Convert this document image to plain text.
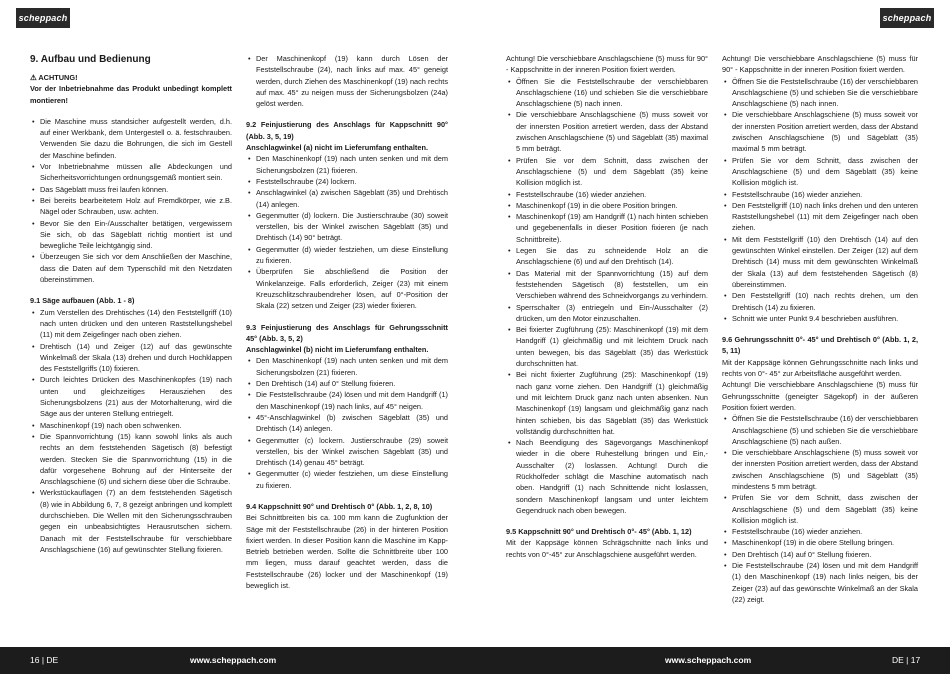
scheppach	scheppach
9. Aufbau und Bedienung

⚠ ACHTUNG!

Vor der Inbetriebnahme das Produkt unbedingt komplett montieren!

• Die Maschine muss standsicher aufgestellt werden, d.h. auf einer Werkbank, dem Untergestell o. ä. festschrauben. Verwenden Sie dazu die Bohrungen, die sich im Gestell der Maschine befinden.
• Vor Inbetriebnahme müssen alle Abdeckungen und Sicherheitsvorrichtungen ordnungsgemäß montiert sein.
• Das Sägeblatt muss frei laufen können.
• Bei bereits bearbeitetem Holz auf Fremdkörper, wie z.B. Nägel oder Schrauben, usw. achten.
• Bevor Sie den Ein-/Ausschalter betätigen, vergewissern Sie sich, ob das Sägeblatt richtig montiert ist und bewegliche Teile leichtgängig sind.
• Überzeugen Sie sich vor dem Anschließen der Maschine, dass die Daten auf dem Typenschild mit den Netzdaten übereinstimmen.

9.1 Säge aufbauen (Abb. 1 - 8)

• Zum Verstellen des Drehtisches (14) den Feststellgriff (10) nach unten drücken und den unteren Raststellungshebel (11) mit dem Zeigefinger nach oben ziehen.
• Drehtisch (14) und Zeiger (12) auf das gewünschte Winkelmaß der Skala (13) drehen und durch Hochklappen des Feststellgriffs (10) fixieren.
• Durch leichtes Drücken des Maschinenkopfes (19) nach unten und gleichzeitiges Herausziehen des Sicherungsbolzens (21) aus der Motorhalterung, wird die Säge aus der unteren Stellung entriegelt.
• Maschinenkopf (19) nach oben schwenken.
• Die Spannvorrichtung (15) kann sowohl links als auch rechts an dem feststehenden Sägetisch (8) befestigt werden. Stecken Sie die Spannvorrichtung (15) in die dafür vorgesehene Bohrung auf der Hinterseite der Anschlagschiene (6) und sichern diese über die Schraube.
• Werkstückauflagen (7) an dem feststehenden Sägetisch (8) wie in Abbildung 6, 7, 8 gezeigt anbringen und komplett durchschieben. Die Wellen mit den Sicherungsschrauben gegen ein unbeabsichtigtes Herausrutschen sichern. Danach mit der Feststellschraube für verschiebbare Anschlagschiene (16) auf gewünschter Stellung fixieren.
• Der Maschinenkopf (19) kann durch Lösen der Feststellschraube (24), nach links auf max. 45° geneigt werden, durch Ziehen des Maschinenkopf (19) nach rechts auf max. 45° zu neigen muss der Sicherungsbolzen (24a) gelöst werden.

9.2 Feinjustierung des Anschlags für Kappschnitt 90° (Abb. 3, 5, 19)

Anschlagwinkel (a) nicht im Lieferumfang enthalten.

• Den Maschinenkopf (19) nach unten senken und mit dem Sicherungsbolzen (21) fixieren.
• Feststellschraube (24) lockern.
• Anschlagwinkel (a) zwischen Sägeblatt (35) und Drehtisch (14) anlegen.
• Gegenmutter (d) lockern. Die Justierschraube (30) soweit verstellen, bis der Winkel zwischen Sägeblatt (35) und Drehtisch (14) 90° beträgt.
• Gegenmutter (d) wieder festziehen, um diese Einstellung zu fixieren.
• Überprüfen Sie abschließend die Position der Winkelanzeige. Falls erforderlich, Zeiger (23) mit einem Kreuzschlitzschraubendreher lösen, auf 0°-Position der Skala (22) setzen und Zeiger (23) wieder fixieren.

9.3 Feinjustierung des Anschlags für Gehrungsschnitt 45° (Abb. 3, 5, 2)

Anschlagwinkel (b) nicht im Lieferumfang enthalten.

• Den Maschinenkopf (19) nach unten senken und mit dem Sicherungsbolzen (21) fixieren.
• Den Drehtisch (14) auf 0° Stellung fixieren.
• Die Feststellschraube (24) lösen und mit dem Handgriff (1) den Maschinenkopf (19) nach links, auf 45° neigen.
• 45°-Anschlagwinkel (b) zwischen Sägeblatt (35) und Drehtisch (14) anlegen.
• Gegenmutter (c) lockern. Justierschraube (29) soweit verstellen, bis der Winkel zwischen Sägeblatt (35) und Drehtisch (14) genau 45° beträgt.
• Gegenmutter (c) wieder festziehen, um diese Einstellung zu fixieren.

9.4 Kappschnitt 90° und Drehtisch 0° (Abb. 1, 2, 8, 10)

Bei Schnittbreiten bis ca. 100 mm kann die Zugfunktion der Säge mit der Feststellschraube (26) in der hinteren Position fixiert werden. In dieser Position kann die Maschine im Kapp-Betrieb betrieben werden. Sollte die Schnittbreite über 100 mm liegen, muss darauf geachtet werden, dass die Feststellschraube (26) locker und der Maschinenkopf (19) beweglich ist.

Achtung! Die verschiebbare Anschlagschiene (5) muss für 90° - Kappschnitte in der inneren Position fixiert werden.

• Öffnen Sie die Feststellschraube der verschiebbaren Anschlagschiene (16) und schieben Sie die verschiebbare Anschlagschiene (5) nach innen.
• Die verschiebbare Anschlagschiene (5) muss soweit vor der innersten Position arretiert werden, dass der Abstand zwischen Anschlagschiene (5) und Sägeblatt (35) maximal 5 mm beträgt.
• Prüfen Sie vor dem Schnitt, dass zwischen der Anschlagschiene (5) und dem Sägeblatt (35) keine Kollision möglich ist.
• Feststellschraube (16) wieder anziehen.
• Maschinenkopf (19) in die obere Position bringen.
• Maschinenkopf (19) am Handgriff (1) nach hinten schieben und gegebenenfalls in dieser Position fixieren (je nach Schnittbreite).
• Legen Sie das zu schneidende Holz an die Anschlagschiene (6) und auf den Drehtisch (14).
• Das Material mit der Spannvorrichtung (15) auf dem feststehenden Sägetisch (8) feststellen, um ein Verschieben während des Schneidvorgangs zu verhindern.
• Sperrschalter (3) entriegeln und Ein-/Ausschalter (2) drücken, um den Motor einzuschalten.
• Bei fixierter Zugführung (25): Maschinenkopf (19) mit dem Handgriff (1) gleichmäßig und mit leichtem Druck nach unten bewegen, bis das Sägeblatt (35) das Werkstück durchschnitten hat.
• Bei nicht fixierter Zugführung (25): Maschinenkopf (19) nach ganz vorne ziehen. Den Handgriff (1) gleichmäßig und mit leichtem Druck ganz nach unten absenken. Nun Maschinenkopf (19) langsam und gleichmäßig ganz nach hinten schieben, bis das Sägeblatt (35) das Werkstück vollständig durchschnitten hat.
• Nach Beendigung des Sägevorgangs Maschinenkopf wieder in die obere Ruhestellung bringen und Ein,- Ausschalter (2) loslassen. Achtung! Durch die Rückholfeder schlägt die Maschine automatisch nach oben. Handgriff (1) nach Schnittende nicht loslassen, sondern Maschinenkopf langsam und unter leichtem Gegendruck nach oben bewegen.

9.5 Kappschnitt 90° und Drehtisch 0°- 45° (Abb. 1, 12)

Mit der Kappsäge können Schrägschnitte nach links und rechts von 0°-45° zur Anschlagschiene ausgeführt werden.

Achtung! Die verschiebbare Anschlagschiene (5) muss für 90° - Kappschnitte in der inneren Position fixiert werden.

• Öffnen Sie die Feststellschraube (16) der verschiebbaren Anschlagschiene (5) und schieben Sie die verschiebbare Anschlagschiene (5) nach innen.
• Die verschiebbare Anschlagschiene (5) muss soweit vor der innersten Position arretiert werden, dass der Abstand zwischen Anschlagschiene (5) und Sägeblatt (35) maximal 5 mm beträgt.
• Prüfen Sie vor dem Schnitt, dass zwischen der Anschlagschiene (5) und dem Sägeblatt (35) keine Kollision möglich ist.
• Feststellschraube (16) wieder anziehen.
• Den Feststellgriff (10) nach links drehen und den unteren Raststellungshebel (11) mit dem Zeigefinger nach oben ziehen.
• Mit dem Feststellgriff (10) den Drehtisch (14) auf den gewünschten Winkel einstellen. Der Zeiger (12) auf dem Drehtisch (14) muss mit dem gewünschten Winkelmaß der Skala (13) auf dem feststehenden Sägetisch (8) übereinstimmen.
• Den Feststellgriff (10) nach rechts drehen, um den Drehtisch (14) zu fixieren.
• Schnitt wie unter Punkt 9.4 beschrieben ausführen.

9.6 Gehrungsschnitt 0°- 45° und Drehtisch 0° (Abb. 1, 2, 5, 11)

Mit der Kappsäge können Gehrungsschnitte nach links und rechts von 0°- 45° zur Arbeitsfläche ausgeführt werden.

Achtung! Die verschiebbare Anschlagschiene (5) muss für Gehrungsschnitte (geneigter Sägekopf) in der äußeren Position fixiert werden.

• Öffnen Sie die Feststellschraube (16) der verschiebbaren Anschlagschiene (5) und schieben Sie die verschiebbare Anschlagschiene (5) nach außen.
• Die verschiebbare Anschlagschiene (5) muss soweit vor der innersten Position arretiert werden, dass der Abstand zwischen Anschlagschiene (5) und Sägeblatt (35) mindestens 5 mm beträgt.
• Prüfen Sie vor dem Schnitt, dass zwischen der Anschlagschiene (5) und dem Sägeblatt (35) keine Kollision möglich ist.
• Feststellschraube (16) wieder anziehen.
• Maschinenkopf (19) in die obere Stellung bringen.
• Den Drehtisch (14) auf 0° Stellung fixieren.
• Die Feststellschraube (24) lösen und mit dem Handgriff (1) den Maschinenkopf (19) nach links neigen, bis der Zeiger (23) auf das gewünschte Winkelmaß an der Skala (22) zeigt.
16 | DE	www.scheppach.com	www.scheppach.com	DE | 17
